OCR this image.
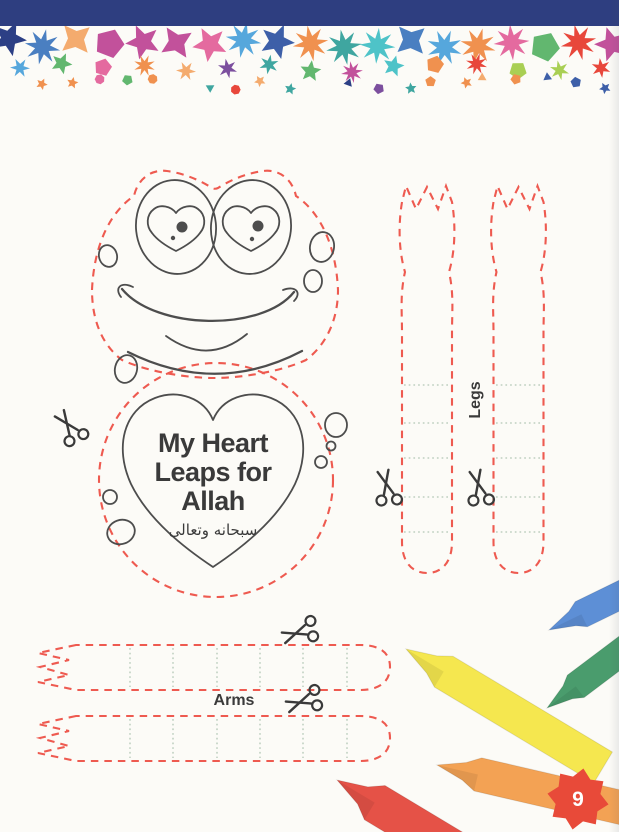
My Heart
Leaps for
Allah
سبحانه وتعالى
Legs
Arms
9
